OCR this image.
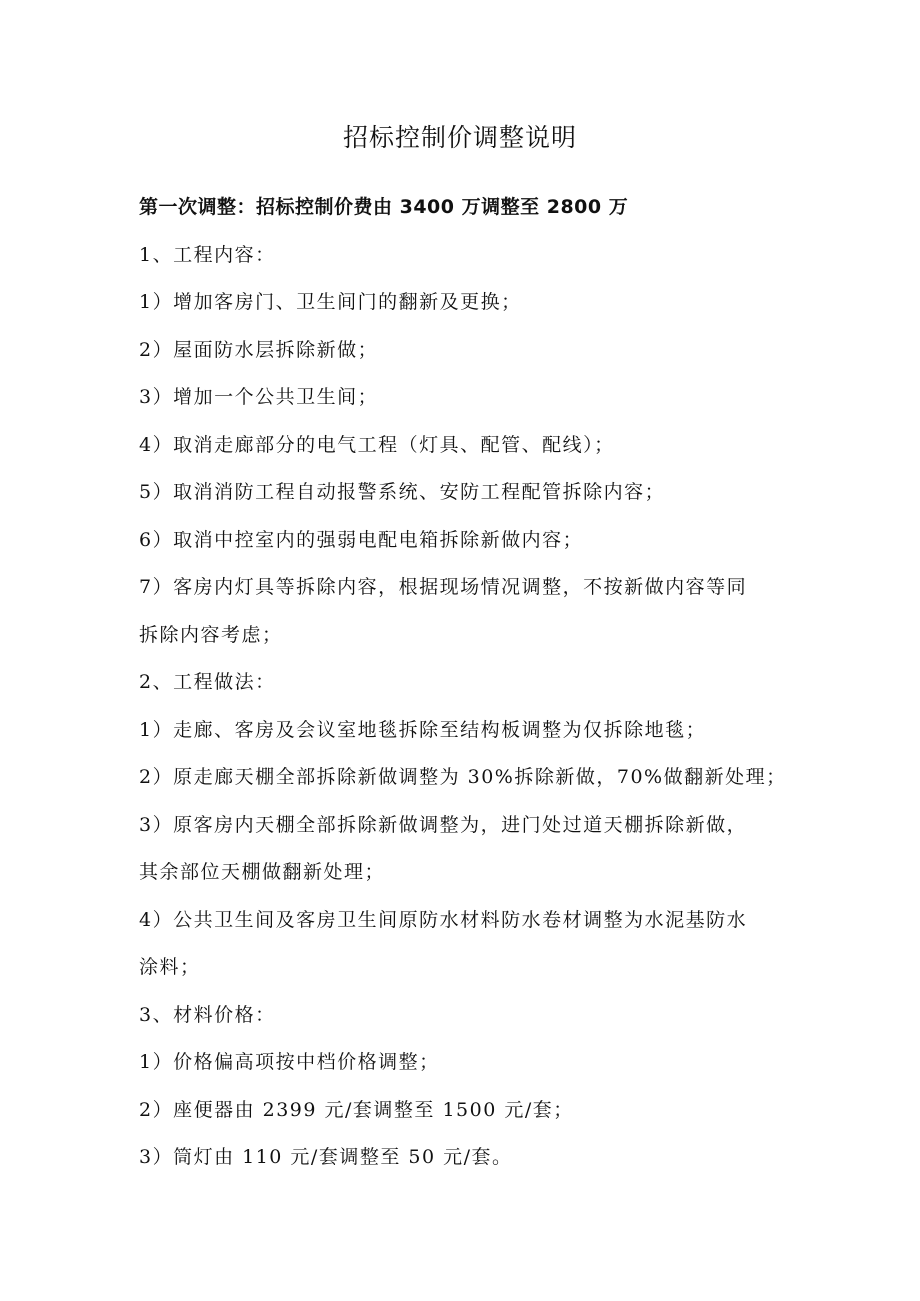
招标控制价调整说明
第一次调整：招标控制价费由 3400 万调整至 2800 万
1、工程内容：
1）增加客房门、卫生间门的翻新及更换；
2）屋面防水层拆除新做；
3）增加一个公共卫生间；
4）取消走廊部分的电气工程（灯具、配管、配线）；
5）取消消防工程自动报警系统、安防工程配管拆除内容；
6）取消中控室内的强弱电配电箱拆除新做内容；
7）客房内灯具等拆除内容，根据现场情况调整，不按新做内容等同
拆除内容考虑；
2、工程做法：
1）走廊、客房及会议室地毯拆除至结构板调整为仅拆除地毯；
2）原走廊天棚全部拆除新做调整为 30%拆除新做，70%做翻新处理；
3）原客房内天棚全部拆除新做调整为，进门处过道天棚拆除新做，
其余部位天棚做翻新处理；
4）公共卫生间及客房卫生间原防水材料防水卷材调整为水泥基防水
涂料；
3、材料价格：
1）价格偏高项按中档价格调整；
2）座便器由 2399 元/套调整至 1500 元/套；
3）筒灯由 110 元/套调整至 50 元/套。
